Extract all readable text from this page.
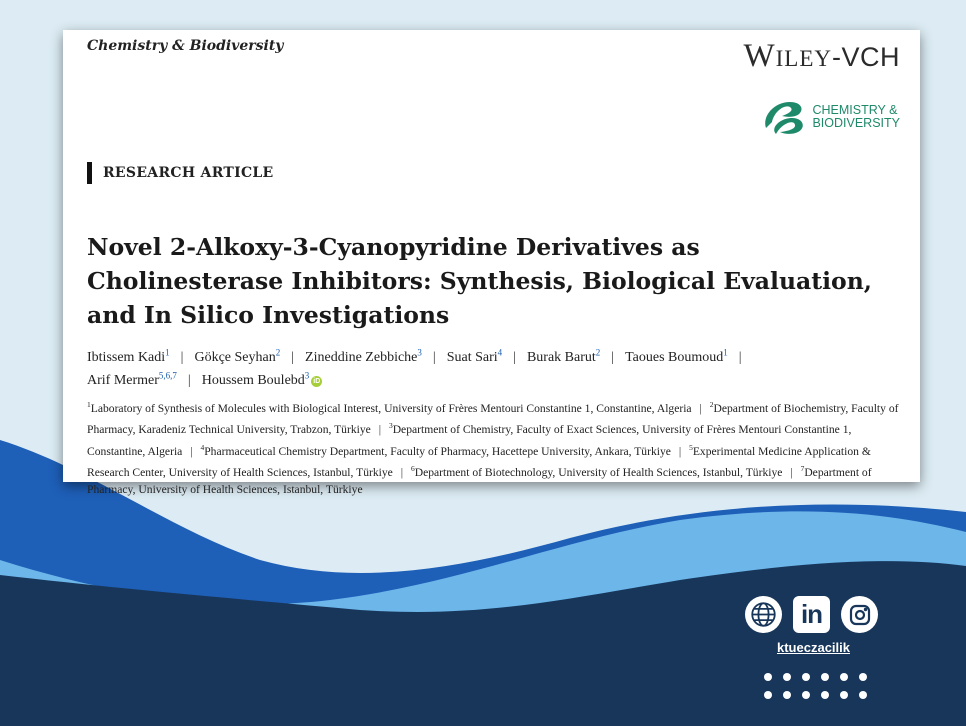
Chemistry & Biodiversity	Wiley-VCH
CHEMISTRY &
BIODIVERSITY
RESEARCH ARTICLE
Novel 2-Alkoxy-3-Cyanopyridine Derivatives as
Cholinesterase Inhibitors: Synthesis, Biological Evaluation,
and In Silico Investigations
Ibtissem Kadi$^1$ | Gökçe Seyhan$^2$ | Zineddine Zebbiche$^3$ | Suat Sari$^4$ | Burak Barut$^2$ | Taoues Boumoud$^1$ |
Arif Mermer$^{5,6,7}$ | Houssem Boulebd$^3$iD
$^1$Laboratory of Synthesis of Molecules with Biological Interest, University of Frères Mentouri Constantine 1, Constantine, Algeria | $^2$Department of Biochemistry, Faculty of Pharmacy, Karadeniz Technical University, Trabzon, Türkiye | $^3$Department of Chemistry, Faculty of Exact Sciences, University of Frères Mentouri Constantine 1, Constantine, Algeria | $^4$Pharmaceutical Chemistry Department, Faculty of Pharmacy, Hacettepe University, Ankara, Türkiye | $^5$Experimental Medicine Application & Research Center, University of Health Sciences, Istanbul, Türkiye | $^6$Department of Biotechnology, University of Health Sciences, Istanbul, Türkiye | $^7$Department of Pharmacy, University of Health Sciences, Istanbul, Türkiye
in
ktueczacilik
